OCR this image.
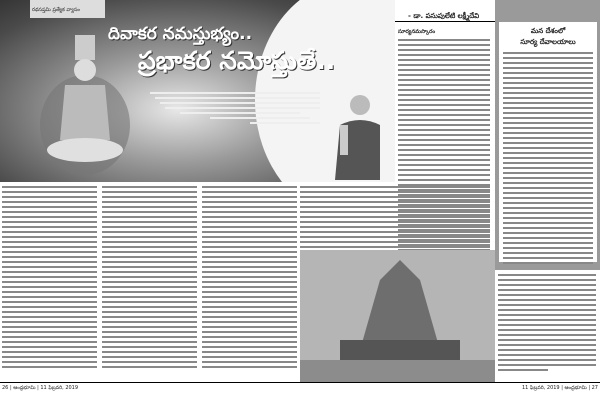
రథసప్తమి ప్రత్యేక వ్యాసం
దివాకర నమస్తుభ్యం..
ప్రభాకర నమోస్తుతే..
- డా. పసుపులేటి లక్ష్మీదేవి
సూర్యనమస్కారం	మన దేశంలో
సూర్య దేవాలయాలు
26 | ఆంధ్రభూమి | 11 ఫిబ్రవరి, 2019	11 ఫిబ్రవరి, 2019 | ఆంధ్రభూమి | 27
